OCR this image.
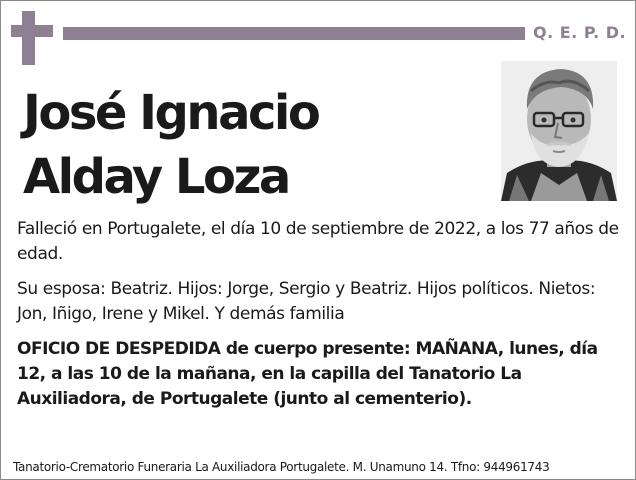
Q. E. P. D.
José Ignacio
Alday Loza
Falleció en Portugalete, el día 10 de septiembre de 2022, a los 77 años de edad.
Su esposa: Beatriz. Hijos: Jorge, Sergio y Beatriz. Hijos políticos. Nietos: Jon, Iñigo, Irene y Mikel. Y demás familia
OFICIO DE DESPEDIDA de cuerpo presente: MAÑANA, lunes, día 12, a las 10 de la mañana, en la capilla del Tanatorio La Auxiliadora, de Portugalete (junto al cementerio).
Tanatorio-Crematorio Funeraria La Auxiliadora Portugalete. M. Unamuno 14. Tfno: 944961743
